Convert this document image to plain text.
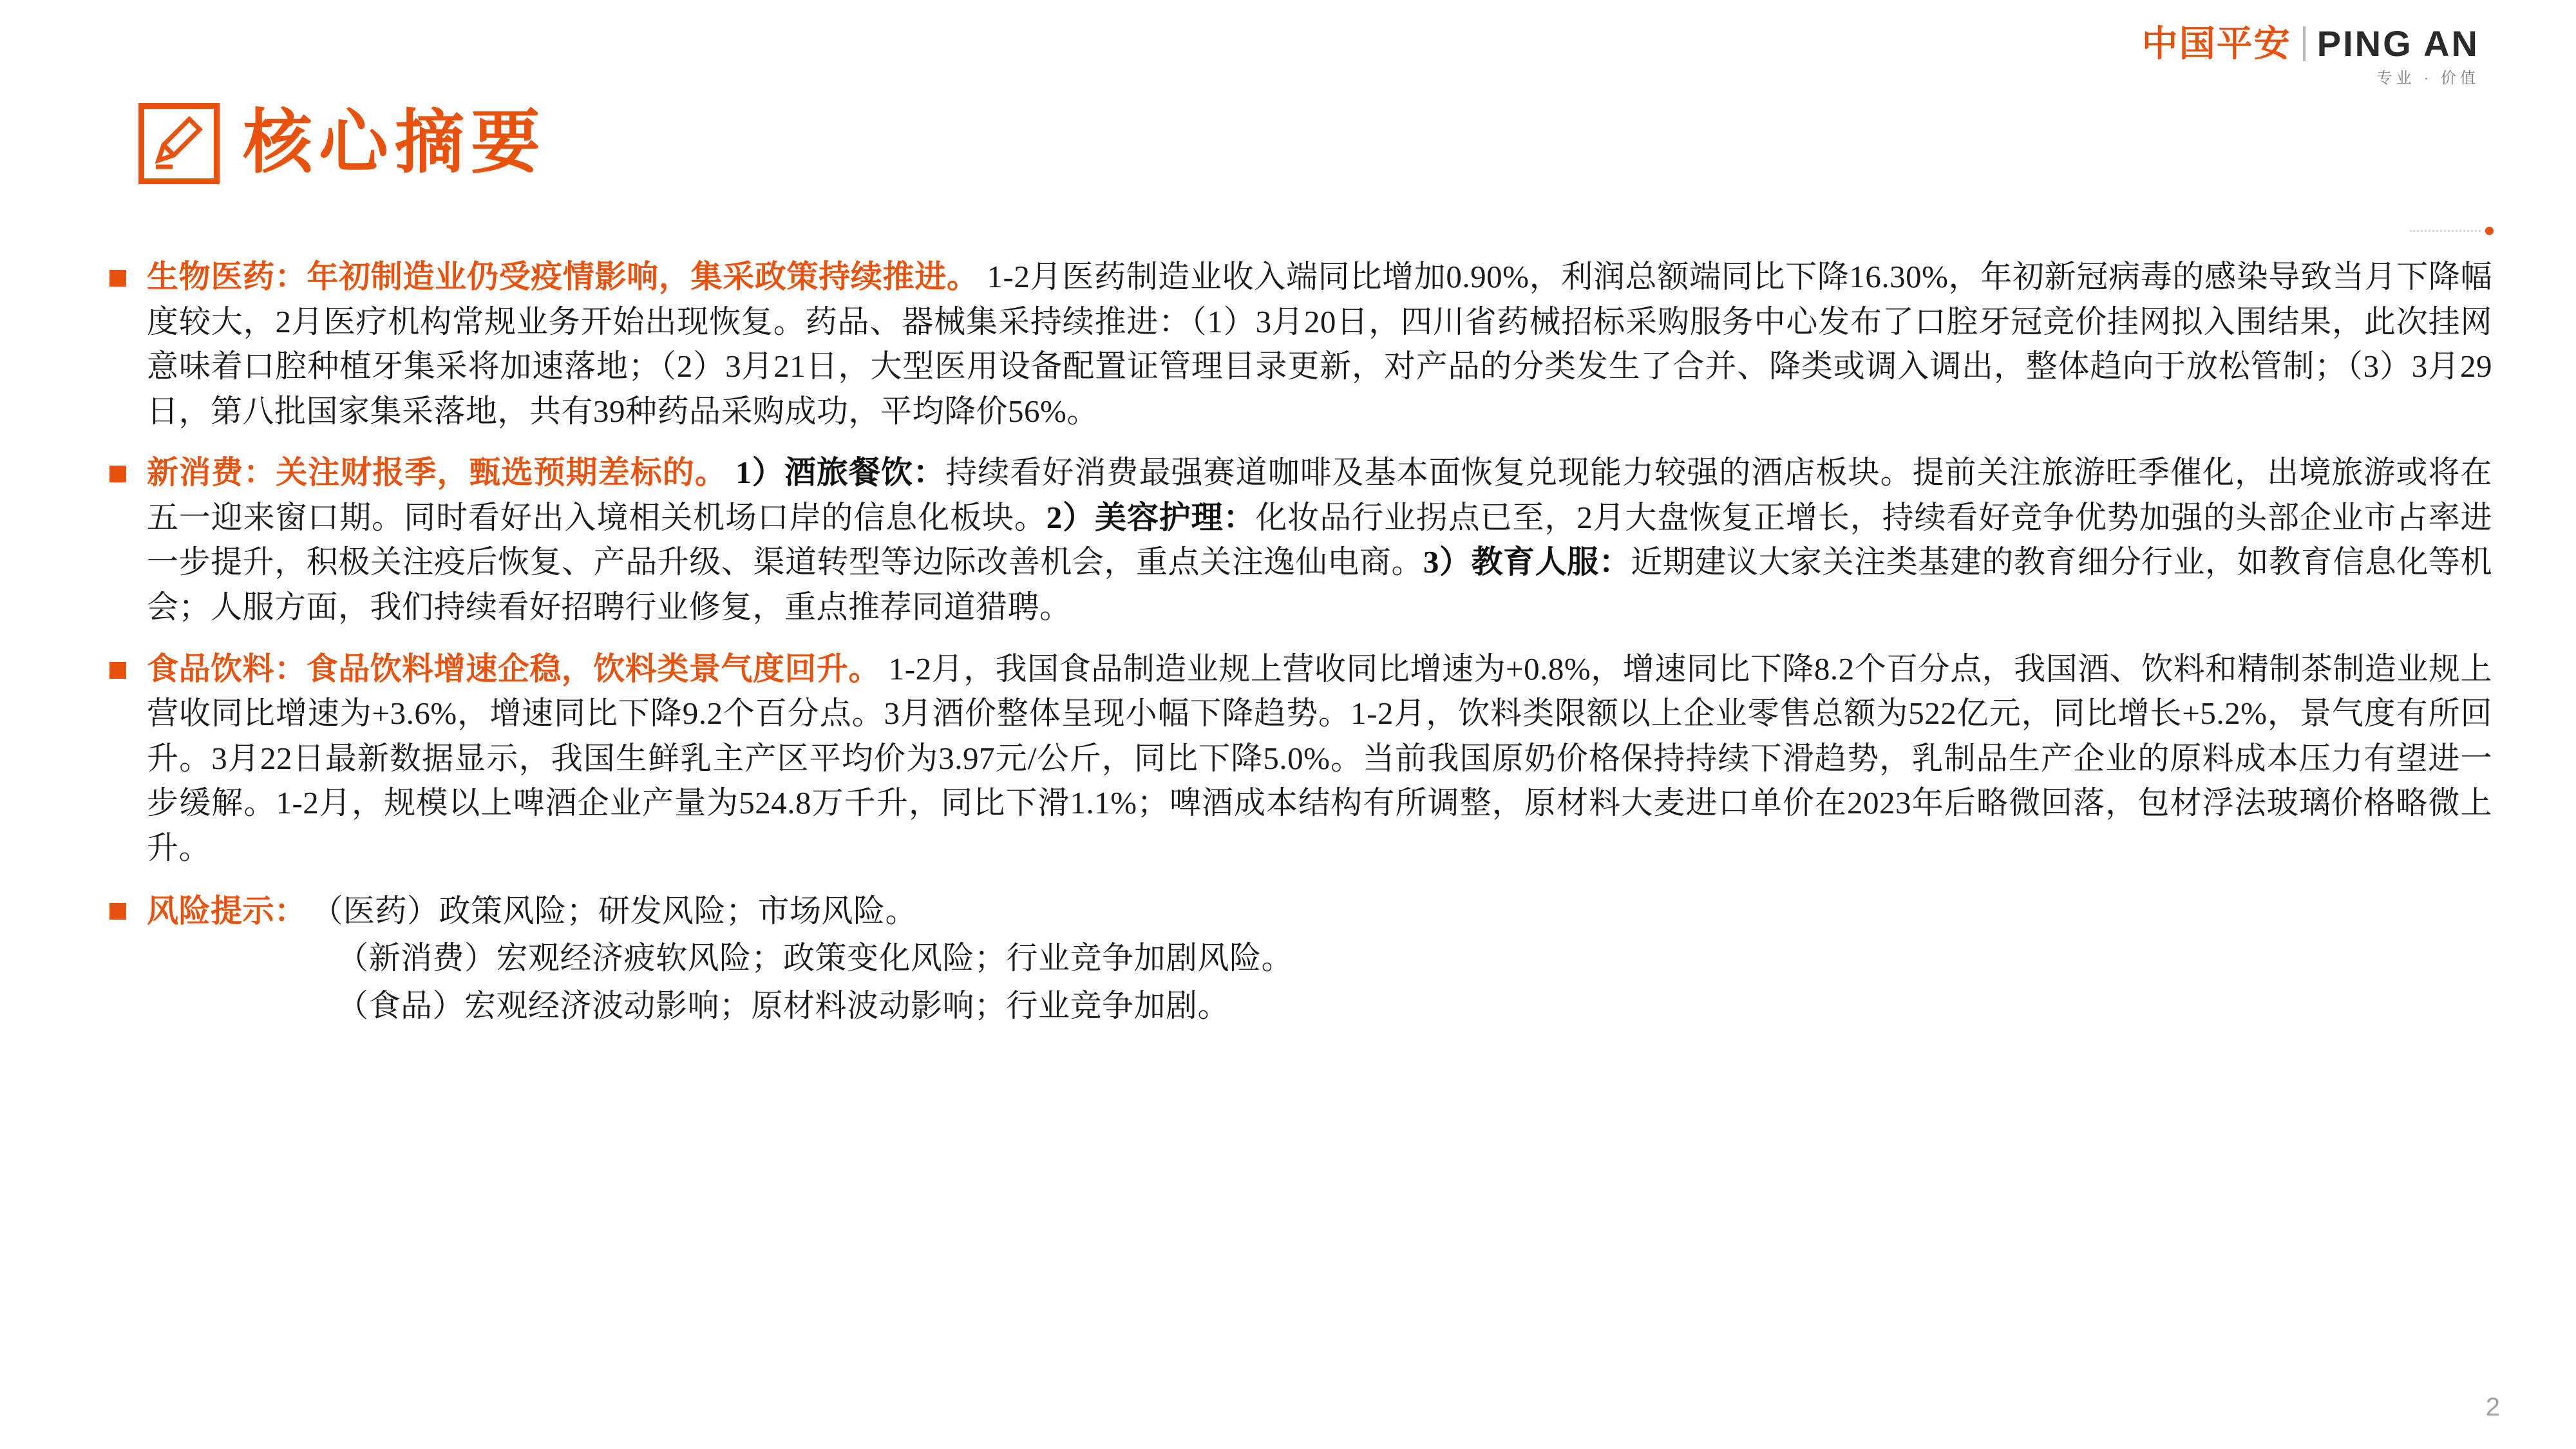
中国平安 PING AN
专业 · 价值
核心摘要
生物医药：年初制造业仍受疫情影响，集采政策持续推进。 1-2月医药制造业收入端同比增加0.90%，利润总额端同比下降16.30%，年初新冠病毒的感染导致当月下降幅度较大，2月医疗机构常规业务开始出现恢复。药品、器械集采持续推进：（1）3月20日，四川省药械招标采购服务中心发布了口腔牙冠竞价挂网拟入围结果，此次挂网意味着口腔种植牙集采将加速落地；（2）3月21日，大型医用设备配置证管理目录更新，对产品的分类发生了合并、降类或调入调出，整体趋向于放松管制；（3）3月29日，第八批国家集采落地，共有39种药品采购成功，平均降价56%。
新消费：关注财报季，甄选预期差标的。 1）酒旅餐饮：持续看好消费最强赛道咖啡及基本面恢复兑现能力较强的酒店板块。提前关注旅游旺季催化，出境旅游或将在五一迎来窗口期。同时看好出入境相关机场口岸的信息化板块。2）美容护理：化妆品行业拐点已至，2月大盘恢复正增长，持续看好竞争优势加强的头部企业市占率进一步提升，积极关注疫后恢复、产品升级、渠道转型等边际改善机会，重点关注逸仙电商。3）教育人服：近期建议大家关注类基建的教育细分行业，如教育信息化等机会；人服方面，我们持续看好招聘行业修复，重点推荐同道猎聘。
食品饮料：食品饮料增速企稳，饮料类景气度回升。 1-2月，我国食品制造业规上营收同比增速为+0.8%，增速同比下降8.2个百分点，我国酒、饮料和精制茶制造业规上营收同比增速为+3.6%，增速同比下降9.2个百分点。3月酒价整体呈现小幅下降趋势。1-2月，饮料类限额以上企业零售总额为522亿元，同比增长+5.2%，景气度有所回升。3月22日最新数据显示，我国生鲜乳主产区平均价为3.97元/公斤，同比下降5.0%。当前我国原奶价格保持持续下滑趋势，乳制品生产企业的原料成本压力有望进一步缓解。1-2月，规模以上啤酒企业产量为524.8万千升，同比下滑1.1%；啤酒成本结构有所调整，原材料大麦进口单价在2023年后略微回落，包材浮法玻璃价格略微上升。
风险提示： （医药）政策风险；研发风险；市场风险。
（新消费）宏观经济疲软风险；政策变化风险；行业竞争加剧风险。
（食品）宏观经济波动影响；原材料波动影响；行业竞争加剧。
2
